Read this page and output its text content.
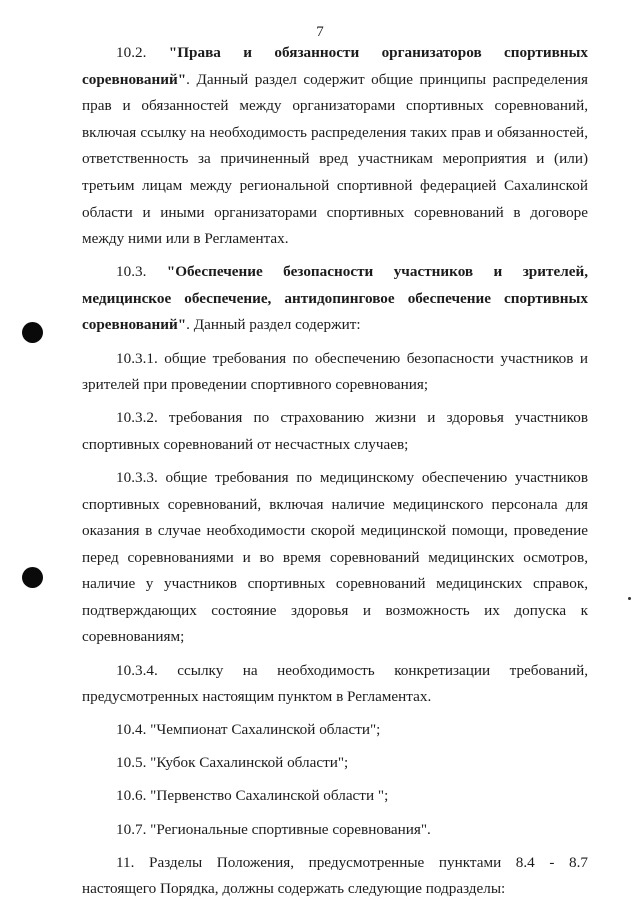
7

10.2. "Права и обязанности организаторов спортивных соревнований". Данный раздел содержит общие принципы распределения прав и обязанностей между организаторами спортивных соревнований, включая ссылку на необходимость распределения таких прав и обязанностей, ответственность за причиненный вред участникам мероприятия и (или) третьим лицам между региональной спортивной федерацией Сахалинской области и иными организаторами спортивных соревнований в договоре между ними или в Регламентах.

10.3. "Обеспечение безопасности участников и зрителей, медицинское обеспечение, антидопинговое обеспечение спортивных соревнований". Данный раздел содержит:

10.3.1. общие требования по обеспечению безопасности участников и зрителей при проведении спортивного соревнования;

10.3.2. требования по страхованию жизни и здоровья участников спортивных соревнований от несчастных случаев;

10.3.3. общие требования по медицинскому обеспечению участников спортивных соревнований, включая наличие медицинского персонала для оказания в случае необходимости скорой медицинской помощи, проведение перед соревнованиями и во время соревнований медицинских осмотров, наличие у участников спортивных соревнований медицинских справок, подтверждающих состояние здоровья и возможность их допуска к соревнованиям;

10.3.4. ссылку на необходимость конкретизации требований, предусмотренных настоящим пунктом в Регламентах.

10.4. "Чемпионат Сахалинской области";

10.5. "Кубок Сахалинской области";

10.6. "Первенство Сахалинской области ";

10.7. "Региональные спортивные соревнования".

11. Разделы Положения, предусмотренные пунктами 8.4 - 8.7 настоящего Порядка, должны содержать следующие подразделы:
